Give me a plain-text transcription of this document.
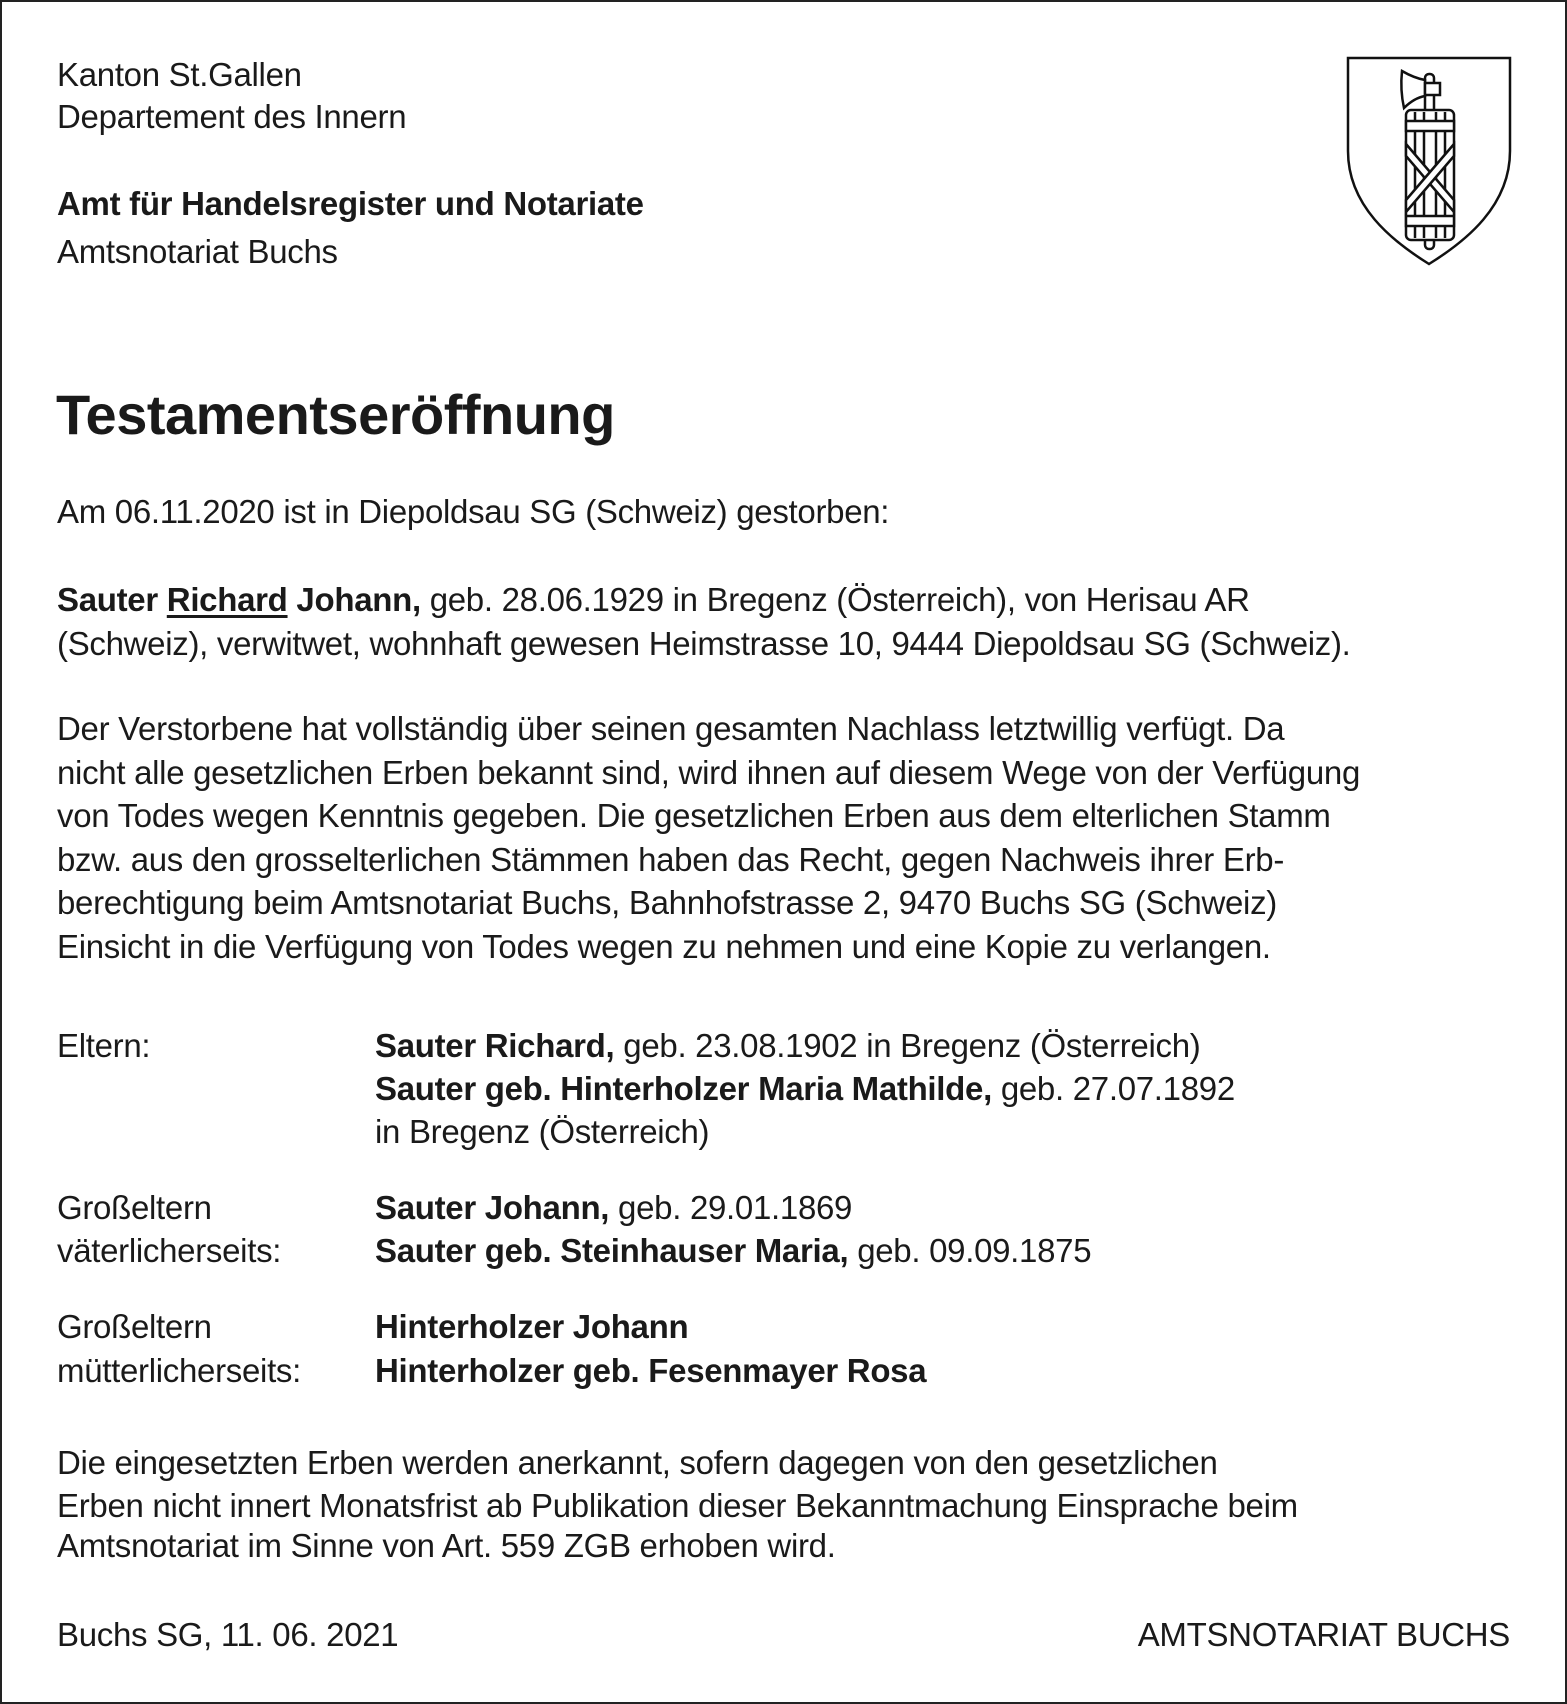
Kanton St.Gallen
Departement des Innern
Amt für Handelsregister und Notariate
Amtsnotariat Buchs
Testamentseröffnung
Am 06.11.2020 ist in Diepoldsau SG (Schweiz) gestorben:
Sauter Richard Johann, geb. 28.06.1929 in Bregenz (Österreich), von Herisau AR
(Schweiz), verwitwet, wohnhaft gewesen Heimstrasse 10, 9444 Diepoldsau SG (Schweiz).
Der Verstorbene hat vollständig über seinen gesamten Nachlass letztwillig verfügt. Da
nicht alle gesetzlichen Erben bekannt sind, wird ihnen auf diesem Wege von der Verfügung
von Todes wegen Kenntnis gegeben. Die gesetzlichen Erben aus dem elterlichen Stamm
bzw. aus den grosselterlichen Stämmen haben das Recht, gegen Nachweis ihrer Erb-
berechtigung beim Amtsnotariat Buchs, Bahnhofstrasse 2, 9470 Buchs SG (Schweiz)
Einsicht in die Verfügung von Todes wegen zu nehmen und eine Kopie zu verlangen.
Eltern:	Sauter Richard, geb. 23.08.1902 in Bregenz (Österreich)
Sauter geb. Hinterholzer Maria Mathilde, geb. 27.07.1892
in Bregenz (Österreich)
Großeltern
väterlicherseits:
Sauter Johann, geb. 29.01.1869
Sauter geb. Steinhauser Maria, geb. 09.09.1875
Großeltern
mütterlicherseits:
Hinterholzer Johann
Hinterholzer geb. Fesenmayer Rosa
Die eingesetzten Erben werden anerkannt, sofern dagegen von den gesetzlichen
Erben nicht innert Monatsfrist ab Publikation dieser Bekanntmachung Einsprache beim
Amtsnotariat im Sinne von Art. 559 ZGB erhoben wird.
Buchs SG, 11. 06. 2021	AMTSNOTARIAT BUCHS
